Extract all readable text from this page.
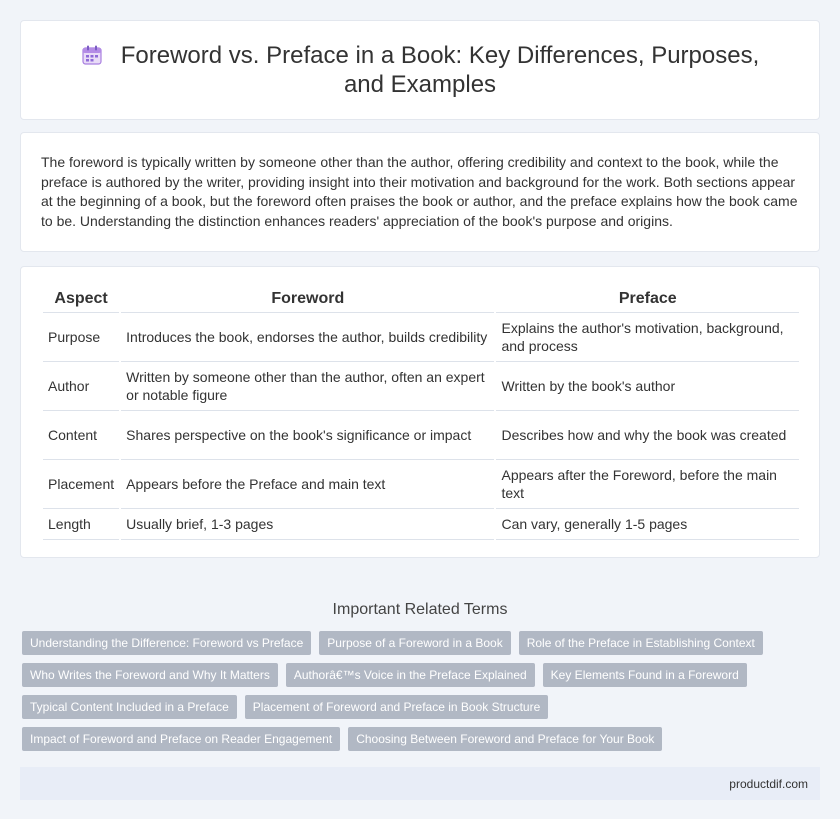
Foreword vs. Preface in a Book: Key Differences, Purposes, and Examples

The foreword is typically written by someone other than the author, offering credibility and context to the book, while the preface is authored by the writer, providing insight into their motivation and background for the work. Both sections appear at the beginning of a book, but the foreword often praises the book or author, and the preface explains how the book came to be. Understanding the distinction enhances readers' appreciation of the book's purpose and origins.

Aspect	Foreword	Preface
Purpose	Introduces the book, endorses the author, builds credibility	Explains the author's motivation, background, and process
Author	Written by someone other than the author, often an expert or notable figure	Written by the book's author
Content	Shares perspective on the book's significance or impact	Describes how and why the book was created
Placement	Appears before the Preface and main text	Appears after the Foreword, before the main text
Length	Usually brief, 1-3 pages	Can vary, generally 1-5 pages
Important Related Terms
Understanding the Difference: Foreword vs Preface	Purpose of a Foreword in a Book	Role of the Preface in Establishing Context
Who Writes the Foreword and Why It Matters	Authorâ€™s Voice in the Preface Explained	Key Elements Found in a Foreword
Typical Content Included in a Preface	Placement of Foreword and Preface in Book Structure
Impact of Foreword and Preface on Reader Engagement	Choosing Between Foreword and Preface for Your Book
productdif.com
